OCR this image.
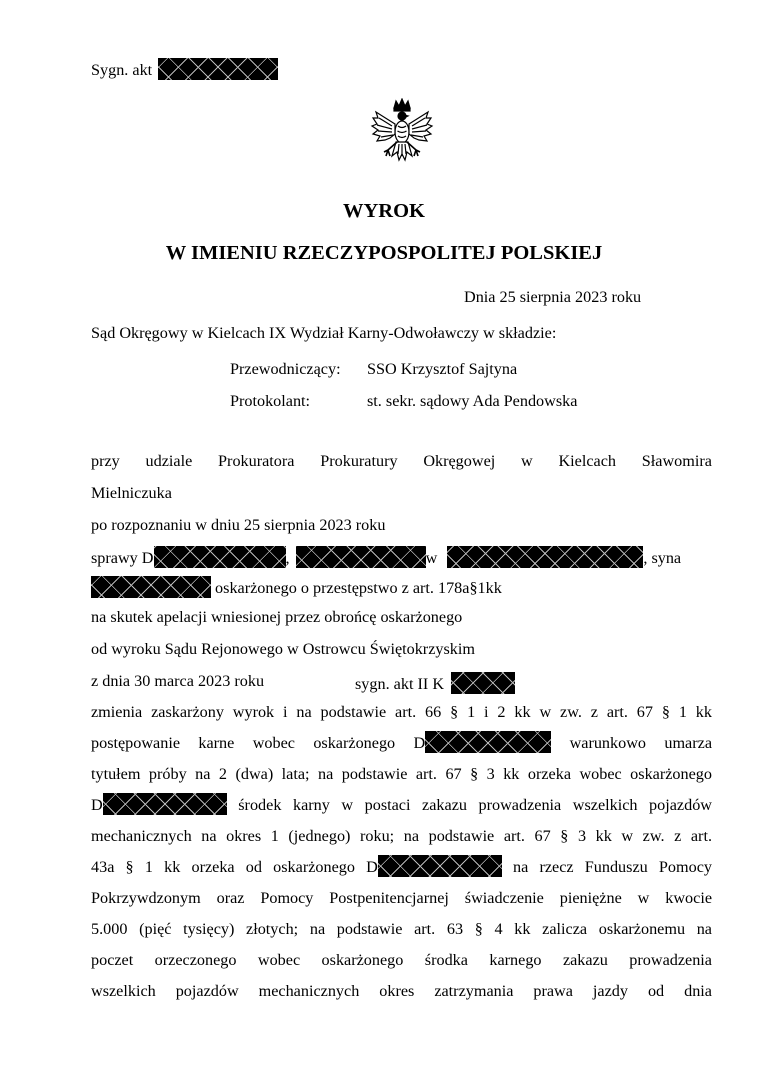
Sygn. akt
WYROK
W IMIENIU RZECZYPOSPOLITEJ POLSKIEJ
Dnia 25 sierpnia 2023 roku
Sąd Okręgowy w Kielcach IX Wydział Karny-Odwoławczy w składzie:
Przewodniczący: SSO Krzysztof Sajtyna
Protokolant:	st. sekr. sądowy Ada Pendowska
przy udziale Prokuratora Prokuratury Okręgowej w Kielcach Sławomira
Mielniczuka
po rozpoznaniu w dniu 25 sierpnia 2023 roku
sprawy D	,	w	, syna
oskarżonego o przestępstwo z art. 178a§1kk
na skutek apelacji wniesionej przez obrońcę oskarżonego
od wyroku Sądu Rejonowego w Ostrowcu Świętokrzyskim
z dnia 30 marca 2023 roku	sygn. akt II K
zmienia zaskarżony wyrok i na podstawie art. 66 § 1 i 2 kk w zw. z art. 67 § 1 kk
postępowanie karne wobec oskarżonego D	warunkowo umarza
tytułem próby na 2 (dwa) lata; na podstawie art. 67 § 3 kk orzeka wobec oskarżonego
D	środek karny w postaci zakazu prowadzenia wszelkich pojazdów
mechanicznych na okres 1 (jednego) roku; na podstawie art. 67 § 3 kk w zw. z art.
43a § 1 kk orzeka od oskarżonego D	na rzecz Funduszu Pomocy
Pokrzywdzonym oraz Pomocy Postpenitencjarnej świadczenie pieniężne w kwocie
5.000 (pięć tysięcy) złotych; na podstawie art. 63 § 4 kk zalicza oskarżonemu na
poczet orzeczonego wobec oskarżonego środka karnego zakazu prowadzenia
wszelkich pojazdów mechanicznych okres zatrzymania prawa jazdy od dnia
